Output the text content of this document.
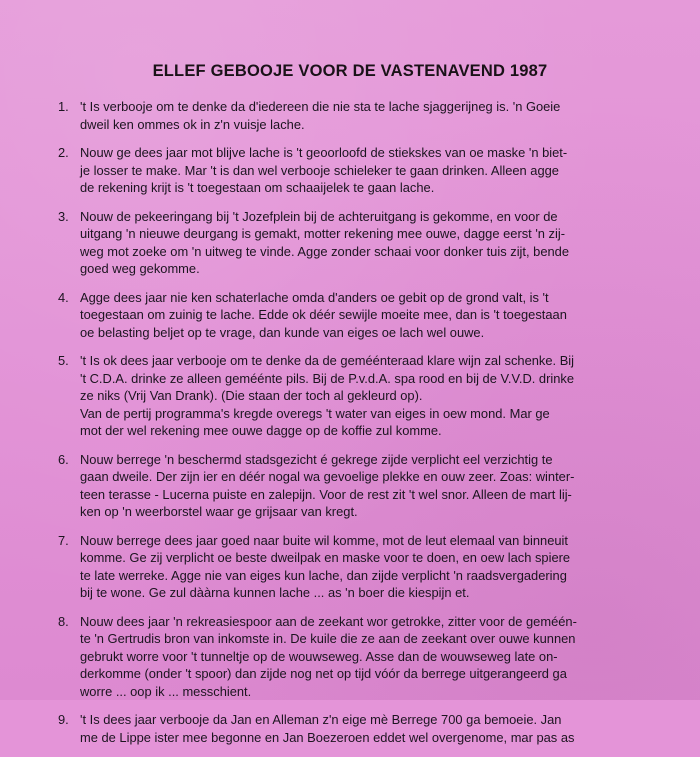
ELLEF GEBOOJE VOOR DE VASTENAVEND 1987
1. 't Is verbooje om te denke da d'iedereen die nie sta te lache sjaggerijneg is. 'n Goeie
dweil ken ommes ok in z'n vuisje lache.
2. Nouw ge dees jaar mot blijve lache is 't geoorloofd de stiekskes van oe maske 'n biet-
je losser te make. Mar 't is dan wel verbooje schieleker te gaan drinken. Alleen agge
de rekening krijt is 't toegestaan om schaaijelek te gaan lache.
3. Nouw de pekeeringang bij 't Jozefplein bij de achteruitgang is gekomme, en voor de
uitgang 'n nieuwe deurgang is gemakt, motter rekening mee ouwe, dagge eerst 'n zij-
weg mot zoeke om 'n uitweg te vinde. Agge zonder schaai voor donker tuis zijt, bende
goed weg gekomme.
4. Agge dees jaar nie ken schaterlache omda d'anders oe gebit op de grond valt, is 't
toegestaan om zuinig te lache. Edde ok déér sewijle moeite mee, dan is 't toegestaan
oe belasting beljet op te vrage, dan kunde van eiges oe lach wel ouwe.
5. 't Is ok dees jaar verbooje om te denke da de geméénteraad klare wijn zal schenke. Bij
't C.D.A. drinke ze alleen geméénte pils. Bij de P.v.d.A. spa rood en bij de V.V.D. drinke
ze niks (Vrij Van Drank). (Die staan der toch al gekleurd op).
Van de pertij programma's kregde overegs 't water van eiges in oew mond. Mar ge
mot der wel rekening mee ouwe dagge op de koffie zul komme.
6. Nouw berrege 'n beschermd stadsgezicht é gekrege zijde verplicht eel verzichtig te
gaan dweile. Der zijn ier en déér nogal wa gevoelige plekke en ouw zeer. Zoas: winter-
teen terasse - Lucerna puiste en zalepijn. Voor de rest zit 't wel snor. Alleen de mart lij-
ken op 'n weerborstel waar ge grijsaar van kregt.
7. Nouw berrege dees jaar goed naar buite wil komme, mot de leut elemaal van binneuit
komme. Ge zij verplicht oe beste dweilpak en maske voor te doen, en oew lach spiere
te late werreke. Agge nie van eiges kun lache, dan zijde verplicht 'n raadsvergadering
bij te wone. Ge zul dààrna kunnen lache ... as 'n boer die kiespijn et.
8. Nouw dees jaar 'n rekreasiespoor aan de zeekant wor getrokke, zitter voor de geméén-
te 'n Gertrudis bron van inkomste in. De kuile die ze aan de zeekant over ouwe kunnen
gebrukt worre voor 't tunneltje op de wouwseweg. Asse dan de wouwseweg late on-
derkomme (onder 't spoor) dan zijde nog net op tijd vóór da berrege uitgerangeerd ga
worre ... oop ik ... messchient.
9. 't Is dees jaar verbooje da Jan en Alleman z'n eige mè Berrege 700 ga bemoeie. Jan
me de Lippe ister mee begonne en Jan Boezeroen eddet wel overgenome, mar pas as
